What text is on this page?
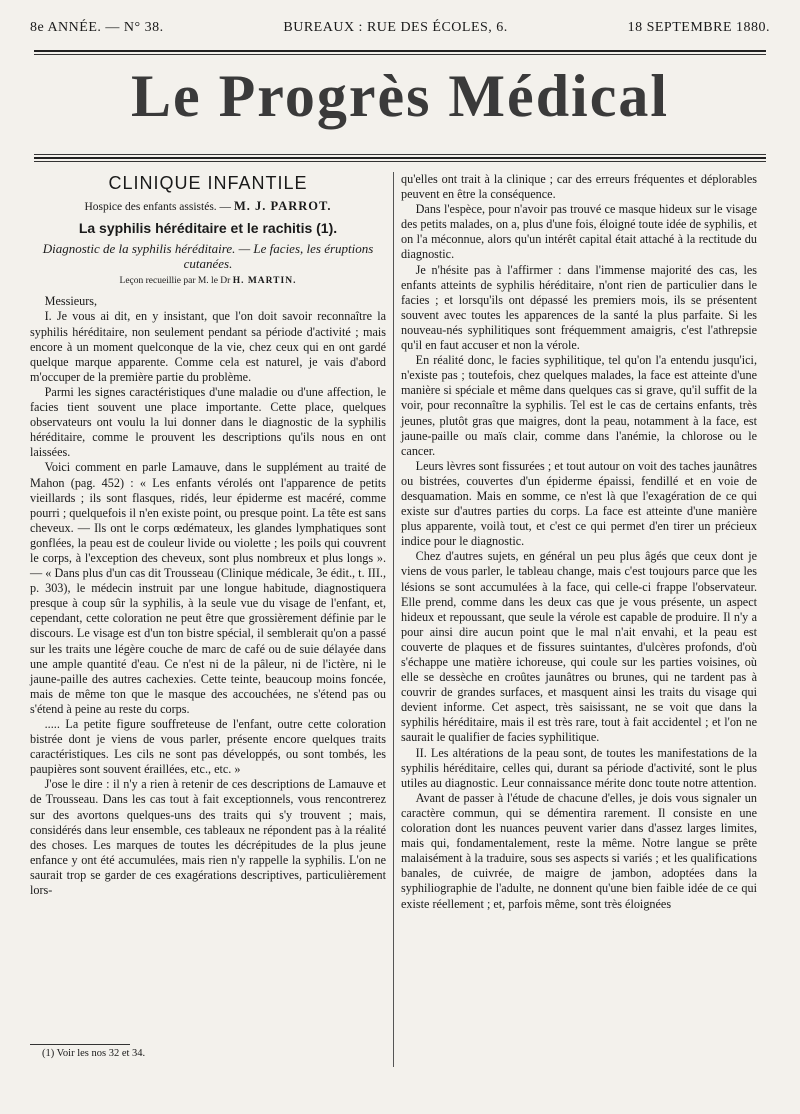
8e ANNÉE. — N° 38.	BUREAUX : RUE DES ÉCOLES, 6.	18 SEPTEMBRE 1880.
Le Progrès Médical
CLINIQUE INFANTILE
Hospice des enfants assistés. — M. J. PARROT.
La syphilis héréditaire et le rachitis (1).
Diagnostic de la syphilis héréditaire. — Le facies, les éruptions cutanées.
Leçon recueillie par M. le Dr H. MARTIN.

Messieurs,

I. Je vous ai dit, en y insistant, que l'on doit savoir reconnaître la syphilis héréditaire, non seulement pendant sa période d'activité ; mais encore à un moment quelconque de la vie, chez ceux qui en ont gardé quelque marque apparente. Comme cela est naturel, je vais d'abord m'occuper de la première partie du problème.

Parmi les signes caractéristiques d'une maladie ou d'une affection, le facies tient souvent une place importante. Cette place, quelques observateurs ont voulu la lui donner dans le diagnostic de la syphilis héréditaire, comme le prouvent les descriptions qu'ils nous en ont laissées.

Voici comment en parle Lamauve, dans le supplément au traité de Mahon (pag. 452) : « Les enfants vérolés ont l'apparence de petits vieillards ; ils sont flasques, ridés, leur épiderme est macéré, comme pourri ; quelquefois il n'en existe point, ou presque point. La tête est sans cheveux. — Ils ont le corps œdémateux, les glandes lymphatiques sont gonflées, la peau est de couleur livide ou violette ; les poils qui couvrent le corps, à l'exception des cheveux, sont plus nombreux et plus longs ». — « Dans plus d'un cas dit Trousseau (Clinique médicale, 3e édit., t. III., p. 303), le médecin instruit par une longue habitude, diagnostiquera presque à coup sûr la syphilis, à la seule vue du visage de l'enfant, et, cependant, cette coloration ne peut être que grossièrement définie par le discours. Le visage est d'un ton bistre spécial, il semblerait qu'on a passé sur les traits une légère couche de marc de café ou de suie délayée dans une ample quantité d'eau. Ce n'est ni de la pâleur, ni de l'ictère, ni le jaune-paille des autres cachexies. Cette teinte, beaucoup moins foncée, mais de même ton que le masque des accouchées, ne s'étend pas ou s'étend à peine au reste du corps.

..... La petite figure souffreteuse de l'enfant, outre cette coloration bistrée dont je viens de vous parler, présente encore quelques traits caractéristiques. Les cils ne sont pas développés, ou sont tombés, les paupières sont souvent éraillées, etc., etc. »

J'ose le dire : il n'y a rien à retenir de ces descriptions de Lamauve et de Trousseau. Dans les cas tout à fait exceptionnels, vous rencontrerez sur des avortons quelques-uns des traits qui s'y trouvent ; mais, considérés dans leur ensemble, ces tableaux ne répondent pas à la réalité des choses. Les marques de toutes les décrépitudes de la plus jeune enfance y ont été accumulées, mais rien n'y rappelle la syphilis. L'on ne saurait trop se garder de ces exagérations descriptives, particulièrement lors-

qu'elles ont trait à la clinique ; car des erreurs fréquentes et déplorables peuvent en être la conséquence.

Dans l'espèce, pour n'avoir pas trouvé ce masque hideux sur le visage des petits malades, on a, plus d'une fois, éloigné toute idée de syphilis, et on l'a méconnue, alors qu'un intérêt capital était attaché à la rectitude du diagnostic.

Je n'hésite pas à l'affirmer : dans l'immense majorité des cas, les enfants atteints de syphilis héréditaire, n'ont rien de particulier dans le facies ; et lorsqu'ils ont dépassé les premiers mois, ils se présentent souvent avec toutes les apparences de la santé la plus parfaite. Si les nouveau-nés syphilitiques sont fréquemment amaigris, c'est l'athrepsie qu'il en faut accuser et non la vérole.

En réalité donc, le facies syphilitique, tel qu'on l'a entendu jusqu'ici, n'existe pas ; toutefois, chez quelques malades, la face est atteinte d'une manière si spéciale et même dans quelques cas si grave, qu'il suffit de la voir, pour reconnaître la syphilis. Tel est le cas de certains enfants, très jeunes, plutôt gras que maigres, dont la peau, notamment à la face, est jaune-paille ou maïs clair, comme dans l'anémie, la chlorose ou le cancer.

Leurs lèvres sont fissurées ; et tout autour on voit des taches jaunâtres ou bistrées, couvertes d'un épiderme épaissi, fendillé et en voie de desquamation. Mais en somme, ce n'est là que l'exagération de ce qui existe sur d'autres parties du corps. La face est atteinte d'une manière plus apparente, voilà tout, et c'est ce qui permet d'en tirer un précieux indice pour le diagnostic.

Chez d'autres sujets, en général un peu plus âgés que ceux dont je viens de vous parler, le tableau change, mais c'est toujours parce que les lésions se sont accumulées à la face, qui celle-ci frappe l'observateur. Elle prend, comme dans les deux cas que je vous présente, un aspect hideux et repoussant, que seule la vérole est capable de produire. Il n'y a pour ainsi dire aucun point que le mal n'ait envahi, et la peau est couverte de plaques et de fissures suintantes, d'ulcères profonds, d'où s'échappe une matière ichoreuse, qui coule sur les parties voisines, où elle se dessèche en croûtes jaunâtres ou brunes, qui ne tardent pas à couvrir de grandes surfaces, et masquent ainsi les traits du visage qui devient informe. Cet aspect, très saisissant, ne se voit que dans la syphilis héréditaire, mais il est très rare, tout à fait accidentel ; et l'on ne saurait le qualifier de facies syphilitique.

II. Les altérations de la peau sont, de toutes les manifestations de la syphilis héréditaire, celles qui, durant sa période d'activité, sont le plus utiles au diagnostic. Leur connaissance mérite donc toute notre attention.

Avant de passer à l'étude de chacune d'elles, je dois vous signaler un caractère commun, qui se démentira rarement. Il consiste en une coloration dont les nuances peuvent varier dans d'assez larges limites, mais qui, fondamentalement, reste la même. Notre langue se prête malaisément à la traduire, sous ses aspects si variés ; et les qualifications banales, de cuivrée, de maigre de jambon, adoptées dans la syphiliographie de l'adulte, ne donnent qu'une bien faible idée de ce qui existe réellement ; et, parfois même, sont très éloignées

(1) Voir les nos 32 et 34.
